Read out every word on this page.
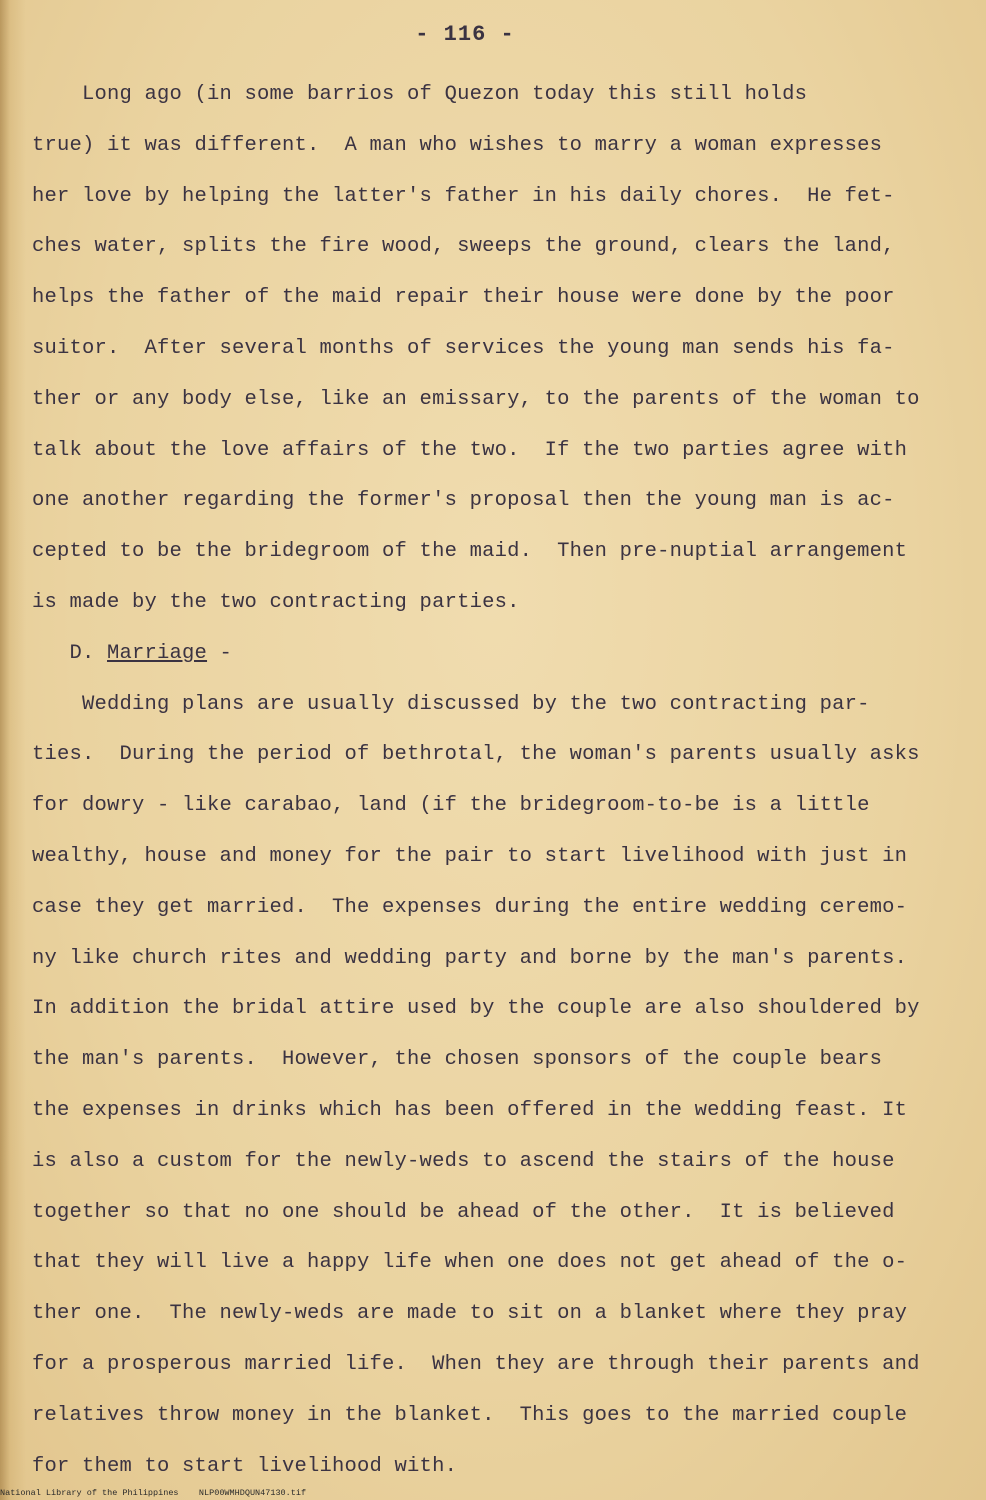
- 116 -
Long ago (in some barrios of Quezon today this still holds
true) it was different.  A man who wishes to marry a woman expresses
her love by helping the latter's father in his daily chores.  He fet-
ches water, splits the fire wood, sweeps the ground, clears the land,
helps the father of the maid repair their house were done by the poor
suitor.  After several months of services the young man sends his fa-
ther or any body else, like an emissary, to the parents of the woman to
talk about the love affairs of the two.  If the two parties agree with
one another regarding the former's proposal then the young man is ac-
cepted to be the bridegroom of the maid.  Then pre-nuptial arrangement
is made by the two contracting parties.
D. Marriage -
Wedding plans are usually discussed by the two contracting par-
ties.  During the period of bethrotal, the woman's parents usually asks
for dowry - like carabao, land (if the bridegroom-to-be is a little
wealthy, house and money for the pair to start livelihood with just in
case they get married.  The expenses during the entire wedding ceremo-
ny like church rites and wedding party and borne by the man's parents.
In addition the bridal attire used by the couple are also shouldered by
the man's parents.  However, the chosen sponsors of the couple bears
the expenses in drinks which has been offered in the wedding feast. It
is also a custom for the newly-weds to ascend the stairs of the house
together so that no one should be ahead of the other.  It is believed
that they will live a happy life when one does not get ahead of the o-
ther one.  The newly-weds are made to sit on a blanket where they pray
for a prosperous married life.  When they are through their parents and
relatives throw money in the blanket.  This goes to the married couple
for them to start livelihood with.
National Library of the Philippines    NLP00WMHDQUN47130.tif
